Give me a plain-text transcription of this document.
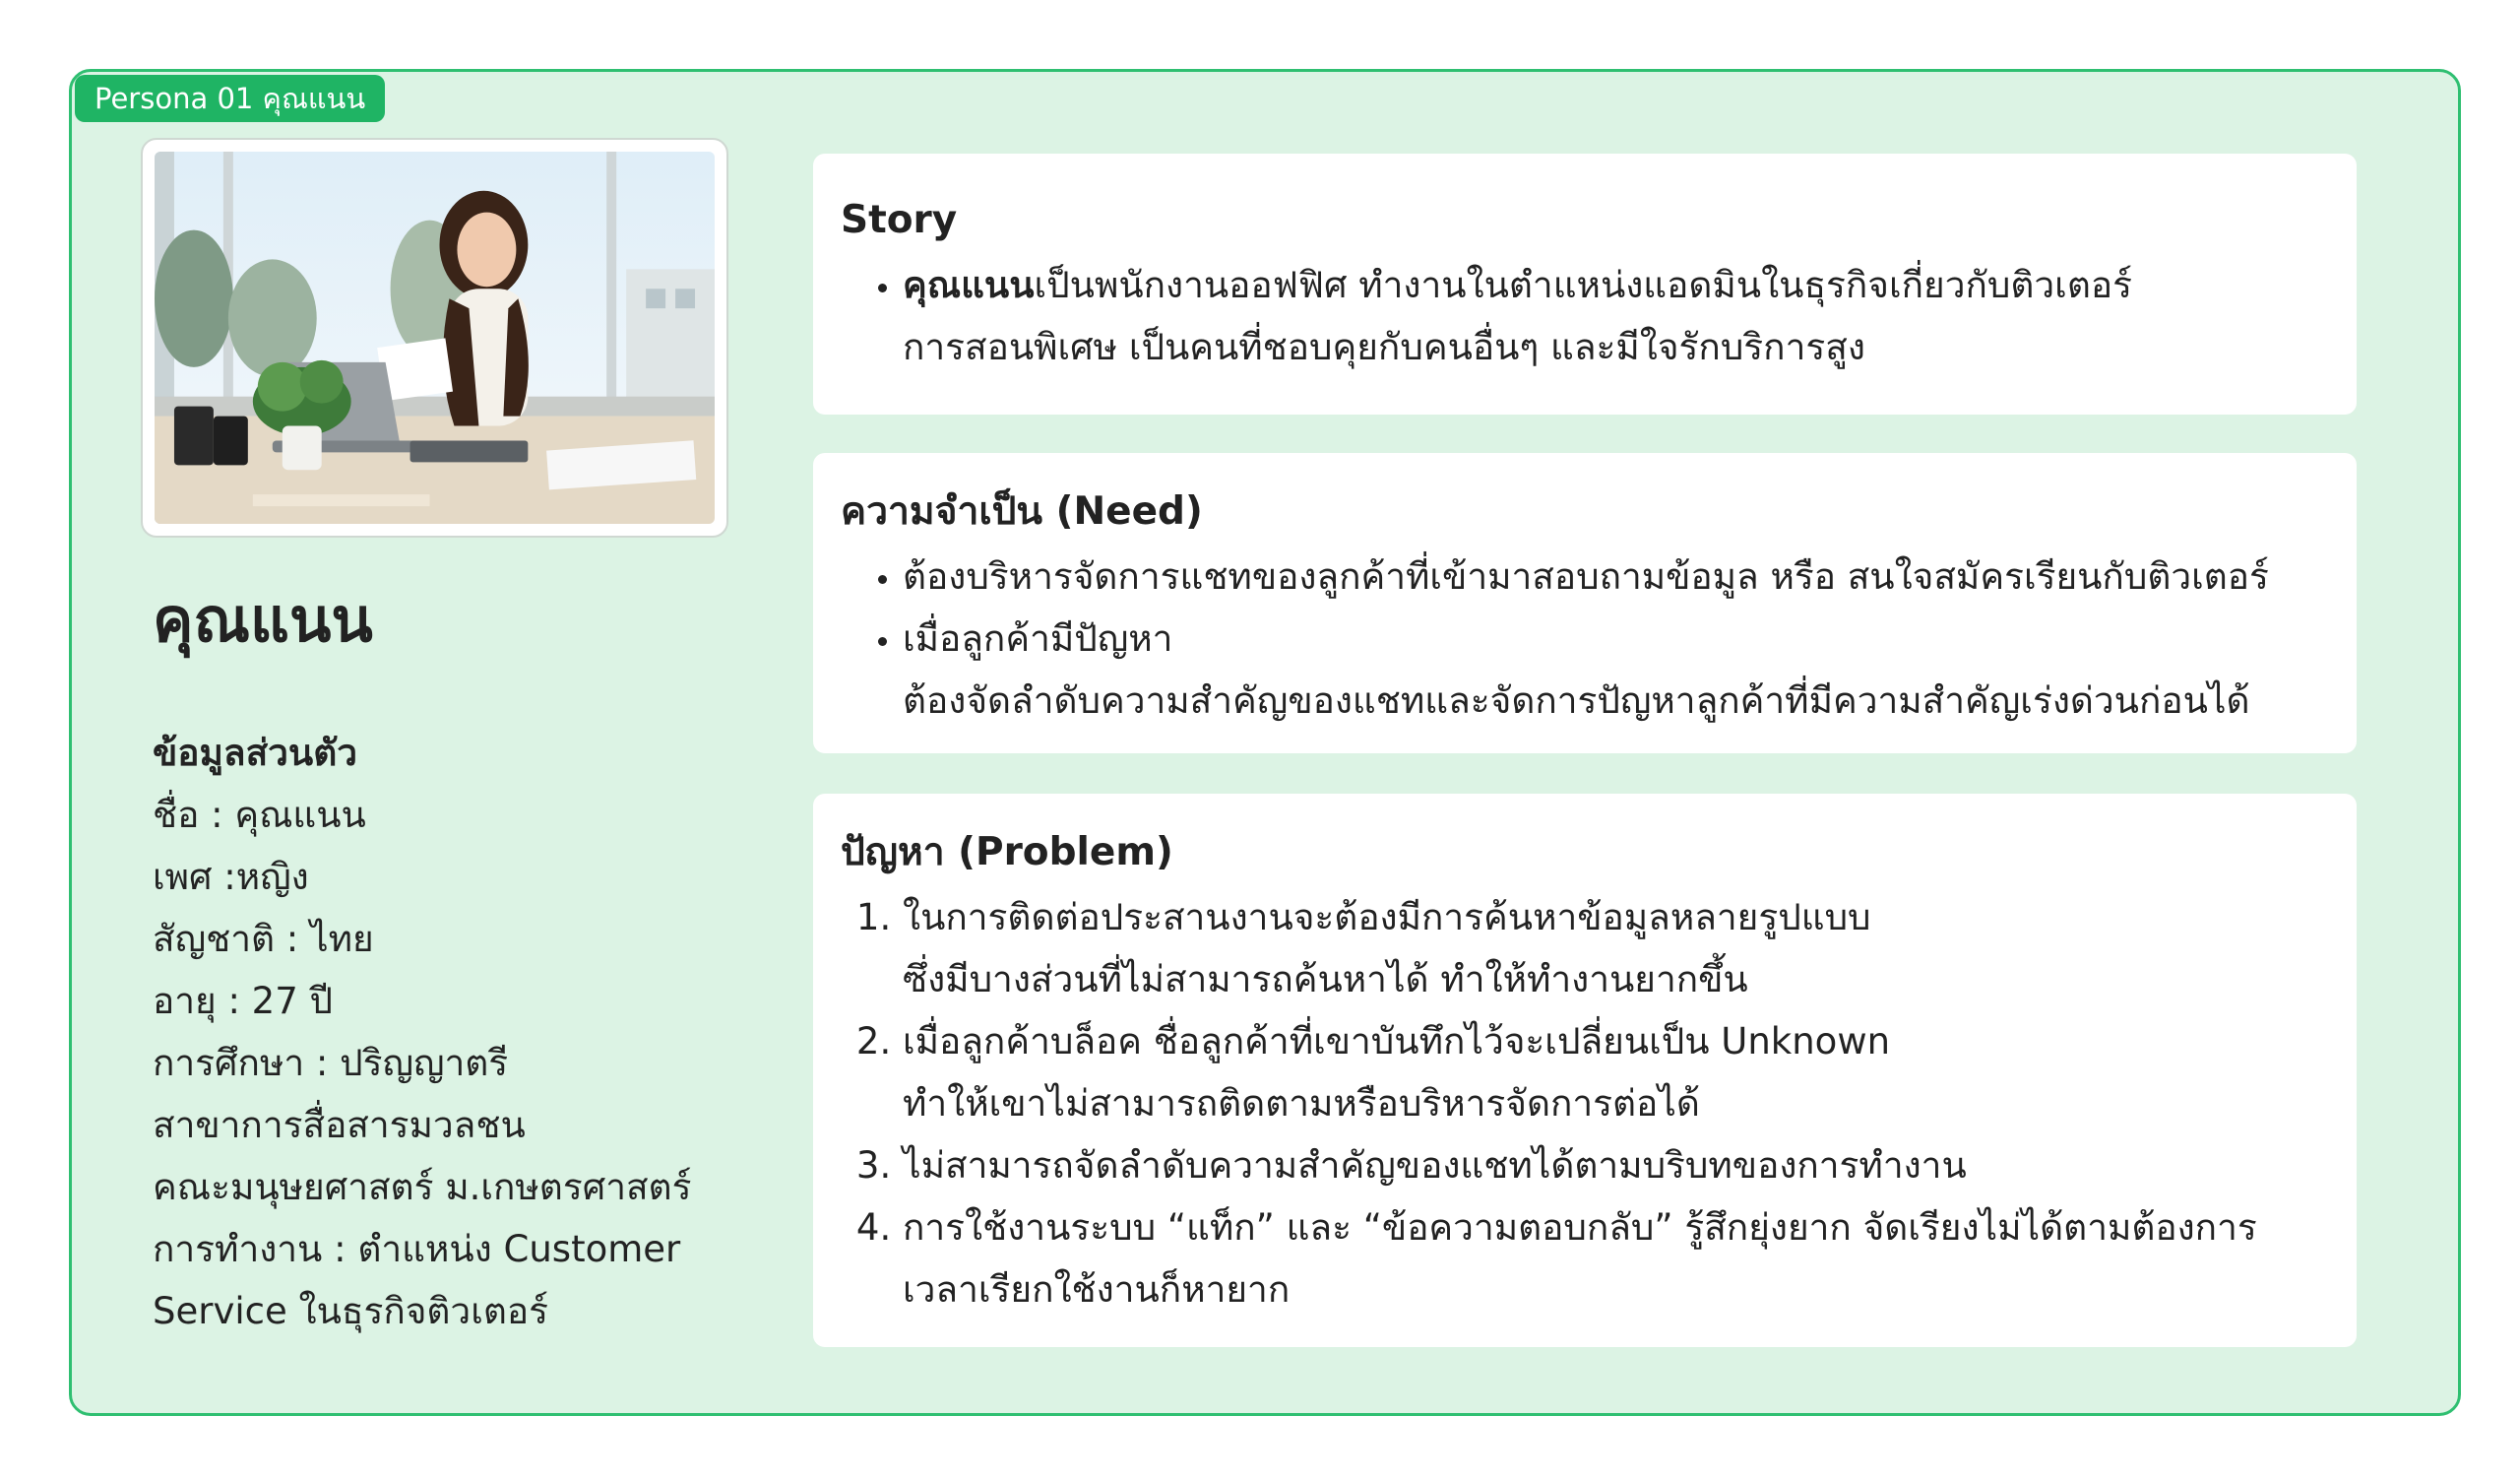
Persona 01 คุณแนน
คุณแนน
ข้อมูลส่วนตัว
ชื่อ : คุณแนน
เพศ :หญิง
สัญชาติ : ไทย
อายุ : 27 ปี
การศึกษา : ปริญญาตรี
สาขาการสื่อสารมวลชน
คณะมนุษยศาสตร์ ม.เกษตรศาสตร์
การทำงาน : ตำแหน่ง Customer
Service ในธุรกิจติวเตอร์
Story
• คุณแนนเป็นพนักงานออฟฟิศ ทำงานในตำแหน่งแอดมินในธุรกิจเกี่ยวกับติวเตอร์
การสอนพิเศษ เป็นคนที่ชอบคุยกับคนอื่นๆ และมีใจรักบริการสูง
ความจำเป็น (Need)
• ต้องบริหารจัดการแชทของลูกค้าที่เข้ามาสอบถามข้อมูล หรือ สนใจสมัครเรียนกับติวเตอร์
• เมื่อลูกค้ามีปัญหา
ต้องจัดลำดับความสำคัญของแชทและจัดการปัญหาลูกค้าที่มีความสำคัญเร่งด่วนก่อนได้
ปัญหา (Problem)
1. ในการติดต่อประสานงานจะต้องมีการค้นหาข้อมูลหลายรูปแบบ
ซึ่งมีบางส่วนที่ไม่สามารถค้นหาได้ ทำให้ทำงานยากขึ้น
2. เมื่อลูกค้าบล็อค ชื่อลูกค้าที่เขาบันทึกไว้จะเปลี่ยนเป็น Unknown
ทำให้เขาไม่สามารถติดตามหรือบริหารจัดการต่อได้
3. ไม่สามารถจัดลำดับความสำคัญของแชทได้ตามบริบทของการทำงาน
4. การใช้งานระบบ “แท็ก” และ “ข้อความตอบกลับ” รู้สึกยุ่งยาก จัดเรียงไม่ได้ตามต้องการ
เวลาเรียกใช้งานก็หายาก
